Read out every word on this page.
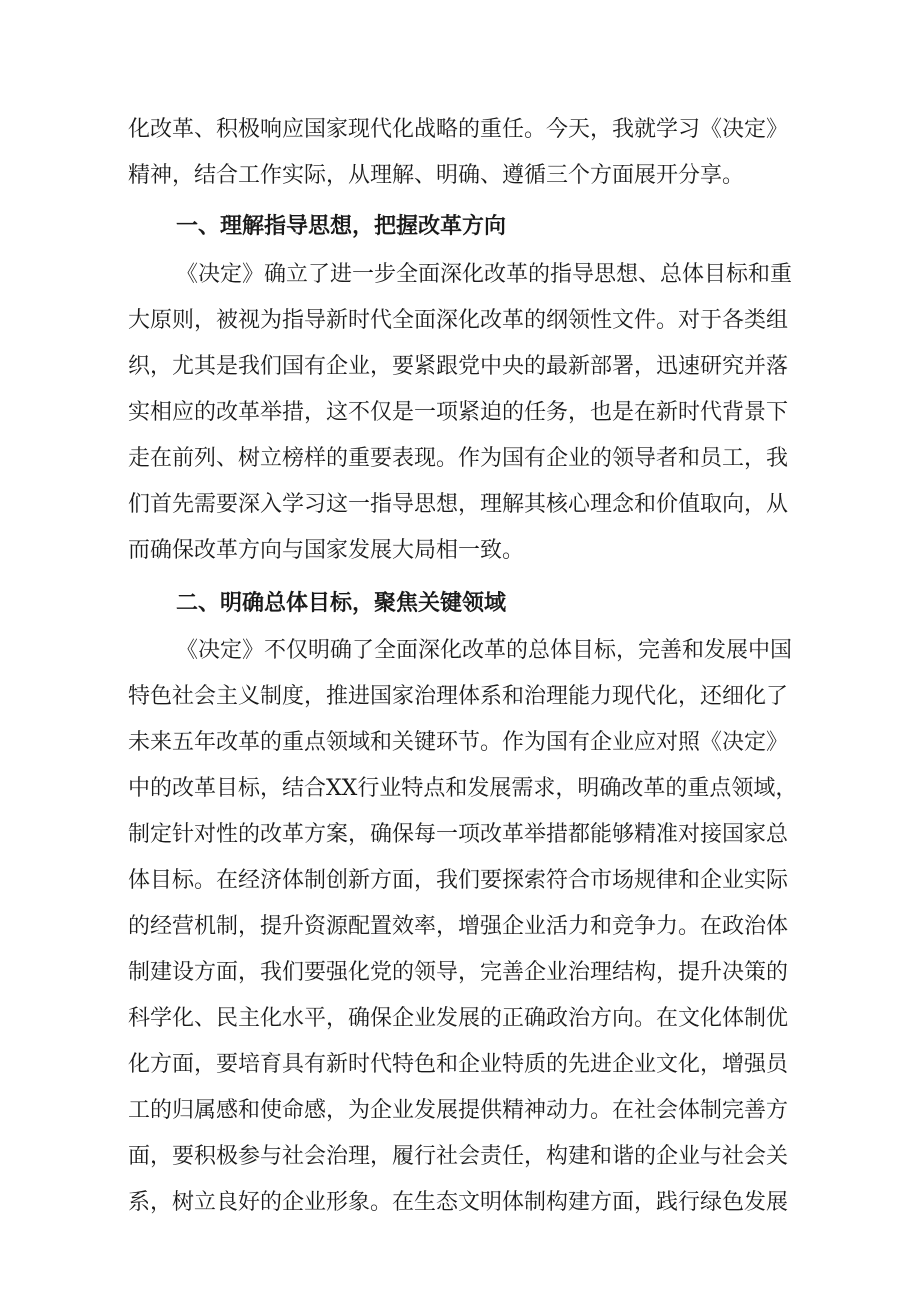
化改革、积极响应国家现代化战略的重任。今天，我就学习《决定》
精神，结合工作实际，从理解、明确、遵循三个方面展开分享。
一、理解指导思想，把握改革方向
《决定》确立了进一步全面深化改革的指导思想、总体目标和重
大原则，被视为指导新时代全面深化改革的纲领性文件。对于各类组
织，尤其是我们国有企业，要紧跟党中央的最新部署，迅速研究并落
实相应的改革举措，这不仅是一项紧迫的任务，也是在新时代背景下
走在前列、树立榜样的重要表现。作为国有企业的领导者和员工，我
们首先需要深入学习这一指导思想，理解其核心理念和价值取向，从
而确保改革方向与国家发展大局相一致。
二、明确总体目标，聚焦关键领域
《决定》不仅明确了全面深化改革的总体目标，完善和发展中国
特色社会主义制度，推进国家治理体系和治理能力现代化，还细化了
未来五年改革的重点领域和关键环节。作为国有企业应对照《决定》
中的改革目标，结合XX行业特点和发展需求，明确改革的重点领域，
制定针对性的改革方案，确保每一项改革举措都能够精准对接国家总
体目标。在经济体制创新方面，我们要探索符合市场规律和企业实际
的经营机制，提升资源配置效率，增强企业活力和竞争力。在政治体
制建设方面，我们要强化党的领导，完善企业治理结构，提升决策的
科学化、民主化水平，确保企业发展的正确政治方向。在文化体制优
化方面，要培育具有新时代特色和企业特质的先进企业文化，增强员
工的归属感和使命感，为企业发展提供精神动力。在社会体制完善方
面，要积极参与社会治理，履行社会责任，构建和谐的企业与社会关
系，树立良好的企业形象。在生态文明体制构建方面，践行绿色发展
